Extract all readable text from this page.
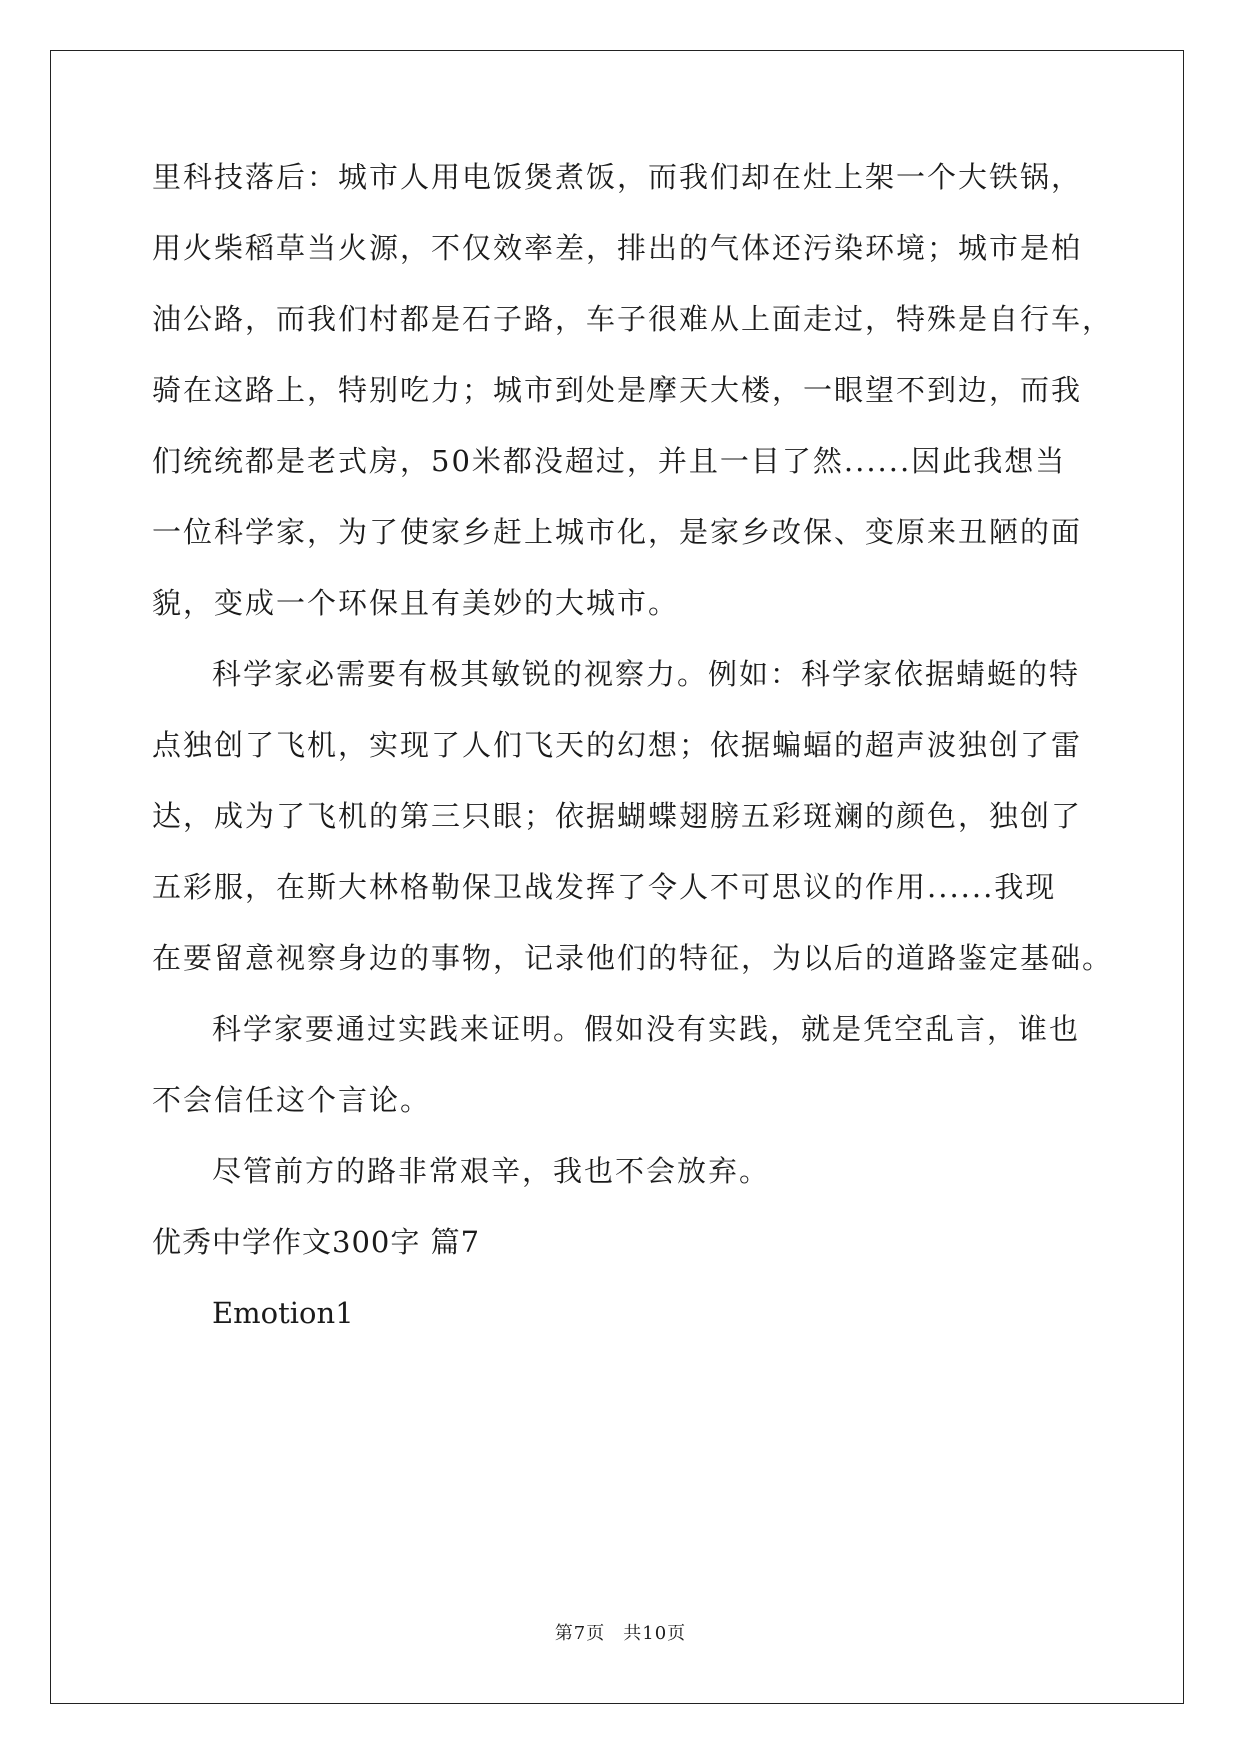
里科技落后：城市人用电饭煲煮饭，而我们却在灶上架一个大铁锅，
用火柴稻草当火源，不仅效率差，排出的气体还污染环境；城市是柏
油公路，而我们村都是石子路，车子很难从上面走过，特殊是自行车，
骑在这路上，特别吃力；城市到处是摩天大楼，一眼望不到边，而我
们统统都是老式房，50米都没超过，并且一目了然......因此我想当
一位科学家，为了使家乡赶上城市化，是家乡改保、变原来丑陋的面
貌，变成一个环保且有美妙的大城市。
科学家必需要有极其敏锐的视察力。例如：科学家依据蜻蜓的特
点独创了飞机，实现了人们飞天的幻想；依据蝙蝠的超声波独创了雷
达，成为了飞机的第三只眼；依据蝴蝶翅膀五彩斑斓的颜色，独创了
五彩服，在斯大林格勒保卫战发挥了令人不可思议的作用......我现
在要留意视察身边的事物，记录他们的特征，为以后的道路鉴定基础。
科学家要通过实践来证明。假如没有实践，就是凭空乱言，谁也
不会信任这个言论。
尽管前方的路非常艰辛，我也不会放弃。
优秀中学作文300字 篇7
Emotion1
第7页 共10页
